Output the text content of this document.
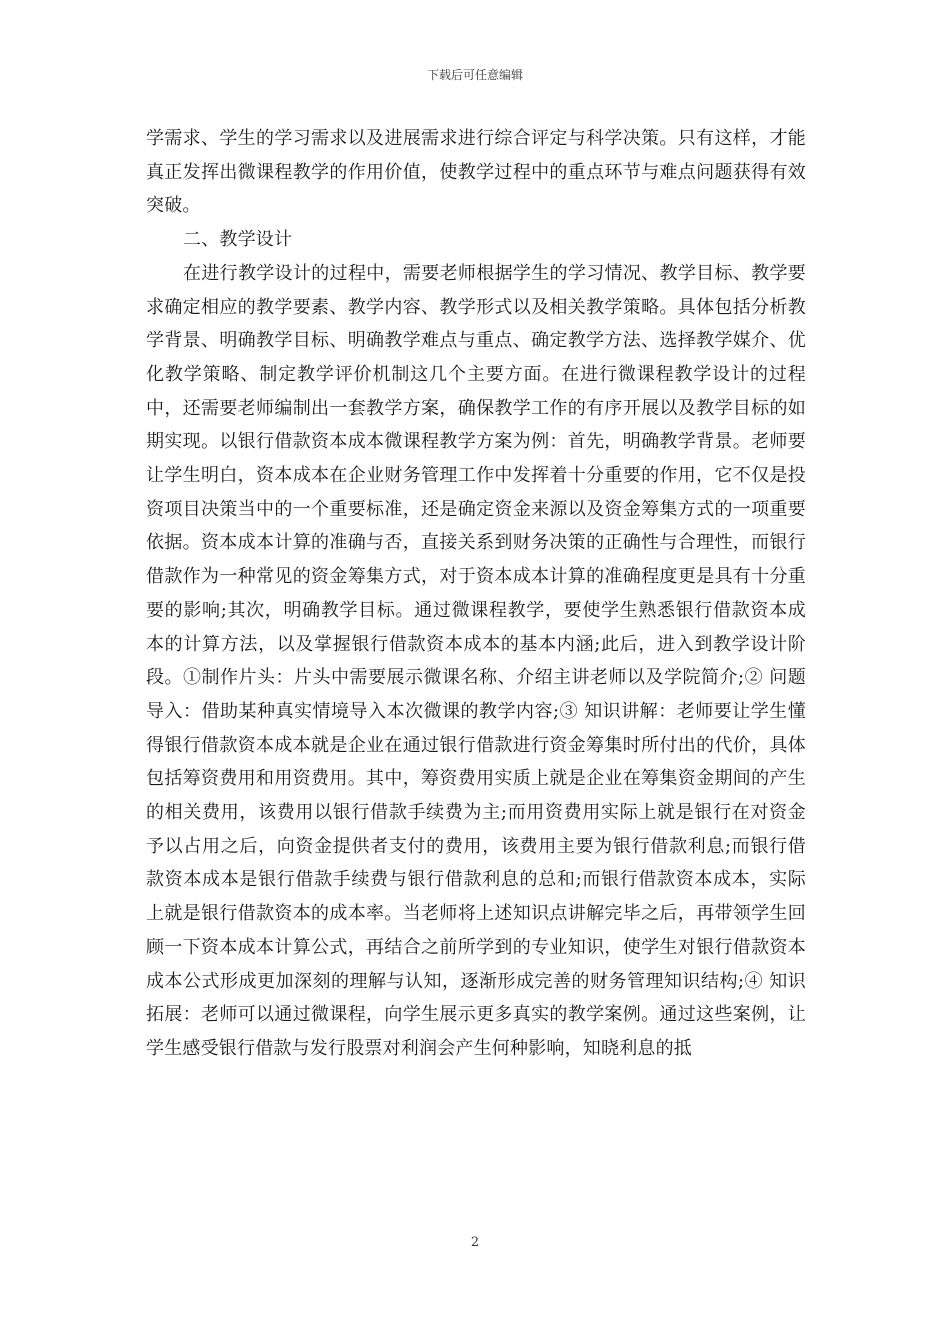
下载后可任意编辑

学需求、学生的学习需求以及进展需求进行综合评定与科学决策。只有这样，才能真正发挥出微课程教学的作用价值，使教学过程中的重点环节与难点问题获得有效突破。

二、教学设计

在进行教学设计的过程中，需要老师根据学生的学习情况、教学目标、教学要求确定相应的教学要素、教学内容、教学形式以及相关教学策略。具体包括分析教学背景、明确教学目标、明确教学难点与重点、确定教学方法、选择教学媒介、优化教学策略、制定教学评价机制这几个主要方面。在进行微课程教学设计的过程中，还需要老师编制出一套教学方案，确保教学工作的有序开展以及教学目标的如期实现。以银行借款资本成本微课程教学方案为例：首先，明确教学背景。老师要让学生明白，资本成本在企业财务管理工作中发挥着十分重要的作用，它不仅是投资项目决策当中的一个重要标准，还是确定资金来源以及资金筹集方式的一项重要依据。资本成本计算的准确与否，直接关系到财务决策的正确性与合理性，而银行借款作为一种常见的资金筹集方式，对于资本成本计算的准确程度更是具有十分重要的影响;其次，明确教学目标。通过微课程教学，要使学生熟悉银行借款资本成本的计算方法，以及掌握银行借款资本成本的基本内涵;此后，进入到教学设计阶段。①制作片头：片头中需要展示微课名称、介绍主讲老师以及学院简介;② 问题导入：借助某种真实情境导入本次微课的教学内容;③ 知识讲解：老师要让学生懂得银行借款资本成本就是企业在通过银行借款进行资金筹集时所付出的代价，具体包括筹资费用和用资费用。其中，筹资费用实质上就是企业在筹集资金期间的产生的相关费用，该费用以银行借款手续费为主;而用资费用实际上就是银行在对资金予以占用之后，向资金提供者支付的费用，该费用主要为银行借款利息;而银行借款资本成本是银行借款手续费与银行借款利息的总和;而银行借款资本成本，实际上就是银行借款资本的成本率。当老师将上述知识点讲解完毕之后，再带领学生回顾一下资本成本计算公式，再结合之前所学到的专业知识，使学生对银行借款资本成本公式形成更加深刻的理解与认知，逐渐形成完善的财务管理知识结构;④ 知识拓展：老师可以通过微课程，向学生展示更多真实的教学案例。通过这些案例，让学生感受银行借款与发行股票对利润会产生何种影响，知晓利息的抵

2
